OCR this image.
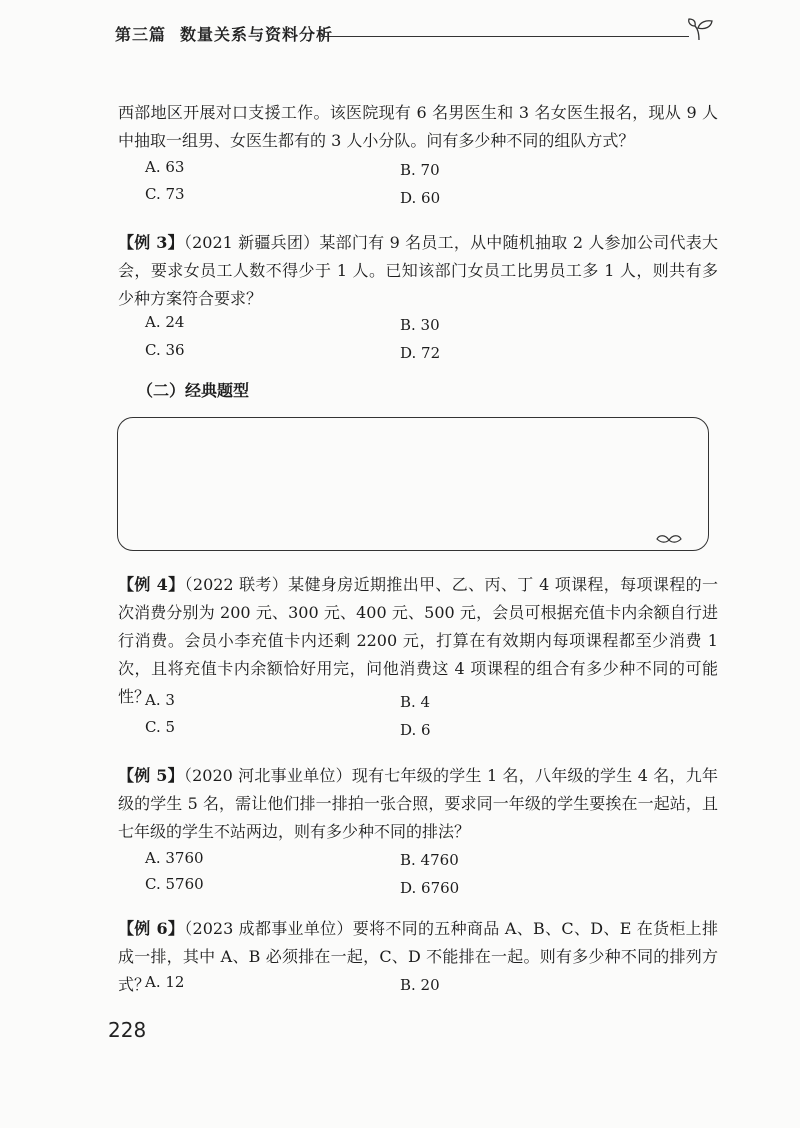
第三篇 数量关系与资料分析

西部地区开展对口支援工作。该医院现有 6 名男医生和 3 名女医生报名，现从 9 人中抽取一组男、女医生都有的 3 人小分队。问有多少种不同的组队方式？

A. 63	B. 70
C. 73	D. 60

【例 3】（2021 新疆兵团）某部门有 9 名员工，从中随机抽取 2 人参加公司代表大会，要求女员工人数不得少于 1 人。已知该部门女员工比男员工多 1 人，则共有多少种方案符合要求？

A. 24	B. 30
C. 36	D. 72
（二）经典题型

【例 4】（2022 联考）某健身房近期推出甲、乙、丙、丁 4 项课程，每项课程的一次消费分别为 200 元、300 元、400 元、500 元，会员可根据充值卡内余额自行进行消费。会员小李充值卡内还剩 2200 元，打算在有效期内每项课程都至少消费 1 次，且将充值卡内余额恰好用完，问他消费这 4 项课程的组合有多少种不同的可能性？

A. 3	B. 4
C. 5	D. 6

【例 5】（2020 河北事业单位）现有七年级的学生 1 名，八年级的学生 4 名，九年级的学生 5 名，需让他们排一排拍一张合照，要求同一年级的学生要挨在一起站，且七年级的学生不站两边，则有多少种不同的排法？

A. 3760	B. 4760
C. 5760	D. 6760

【例 6】（2023 成都事业单位）要将不同的五种商品 A、B、C、D、E 在货柜上排成一排，其中 A、B 必须排在一起，C、D 不能排在一起。则有多少种不同的排列方式？

A. 12	B. 20
228
